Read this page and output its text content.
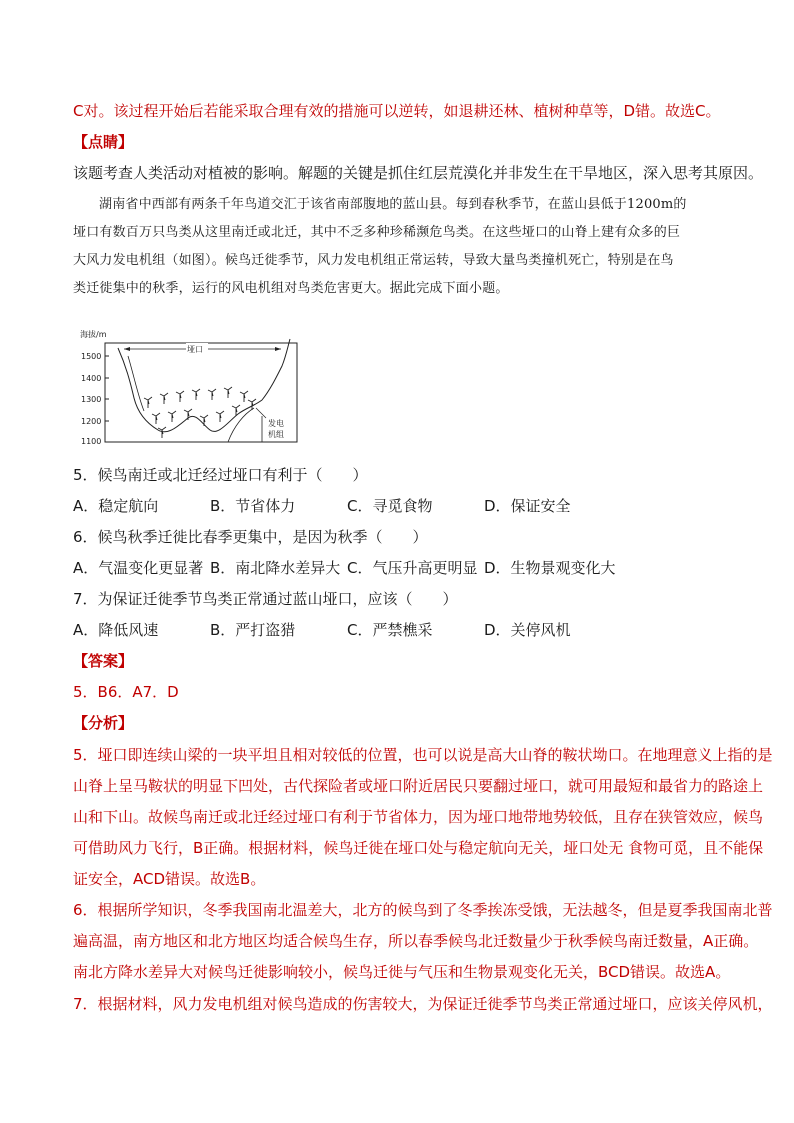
C对。该过程开始后若能采取合理有效的措施可以逆转，如退耕还林、植树种草等，D错。故选C。
【点睛】
该题考查人类活动对植被的影响。解题的关键是抓住红层荒漠化并非发生在干旱地区，深入思考其原因。
湖南省中西部有两条千年鸟道交汇于该省南部腹地的蓝山县。每到春秋季节，在蓝山县低于1200m的
垭口有数百万只鸟类从这里南迁或北迁，其中不乏多种珍稀濒危鸟类。在这些垭口的山脊上建有众多的巨
大风力发电机组（如图）。候鸟迁徙季节，风力发电机组正常运转，导致大量鸟类撞机死亡，特别是在鸟
类迁徙集中的秋季，运行的风电机组对鸟类危害更大。据此完成下面小题。
海拔/m
1500
1400
1300
1200
1100
垭口
发电
机组
5．候鸟南迁或北迁经过垭口有利于（　　）
A．稳定航向	B．节省体力	C．寻觅食物	D．保证安全
6．候鸟秋季迁徙比春季更集中，是因为秋季（　　）
A．气温变化更显著 B．南北降水差异大 C．气压升高更明显 D．生物景观变化大
7．为保证迁徙季节鸟类正常通过蓝山垭口，应该（　　）
A．降低风速	B．严打盗猎	C．严禁樵采	D．关停风机
【答案】
5．B6．A7．D
【分析】
5．垭口即连续山梁的一块平坦且相对较低的位置，也可以说是高大山脊的鞍状坳口。在地理意义上指的是
山脊上呈马鞍状的明显下凹处，古代探险者或垭口附近居民只要翻过垭口，就可用最短和最省力的路途上
山和下山。故候鸟南迁或北迁经过垭口有利于节省体力，因为垭口地带地势较低，且存在狭管效应，候鸟
可借助风力飞行，B正确。根据材料，候鸟迁徙在垭口处与稳定航向无关，垭口处无 食物可觅，且不能保
证安全，ACD错误。故选B。
6．根据所学知识，冬季我国南北温差大，北方的候鸟到了冬季挨冻受饿，无法越冬，但是夏季我国南北普
遍高温，南方地区和北方地区均适合候鸟生存，所以春季候鸟北迁数量少于秋季候鸟南迁数量，A正确。
南北方降水差异大对候鸟迁徙影响较小，候鸟迁徙与气压和生物景观变化无关，BCD错误。故选A。
7．根据材料，风力发电机组对候鸟造成的伤害较大，为保证迁徙季节鸟类正常通过垭口，应该关停风机，
